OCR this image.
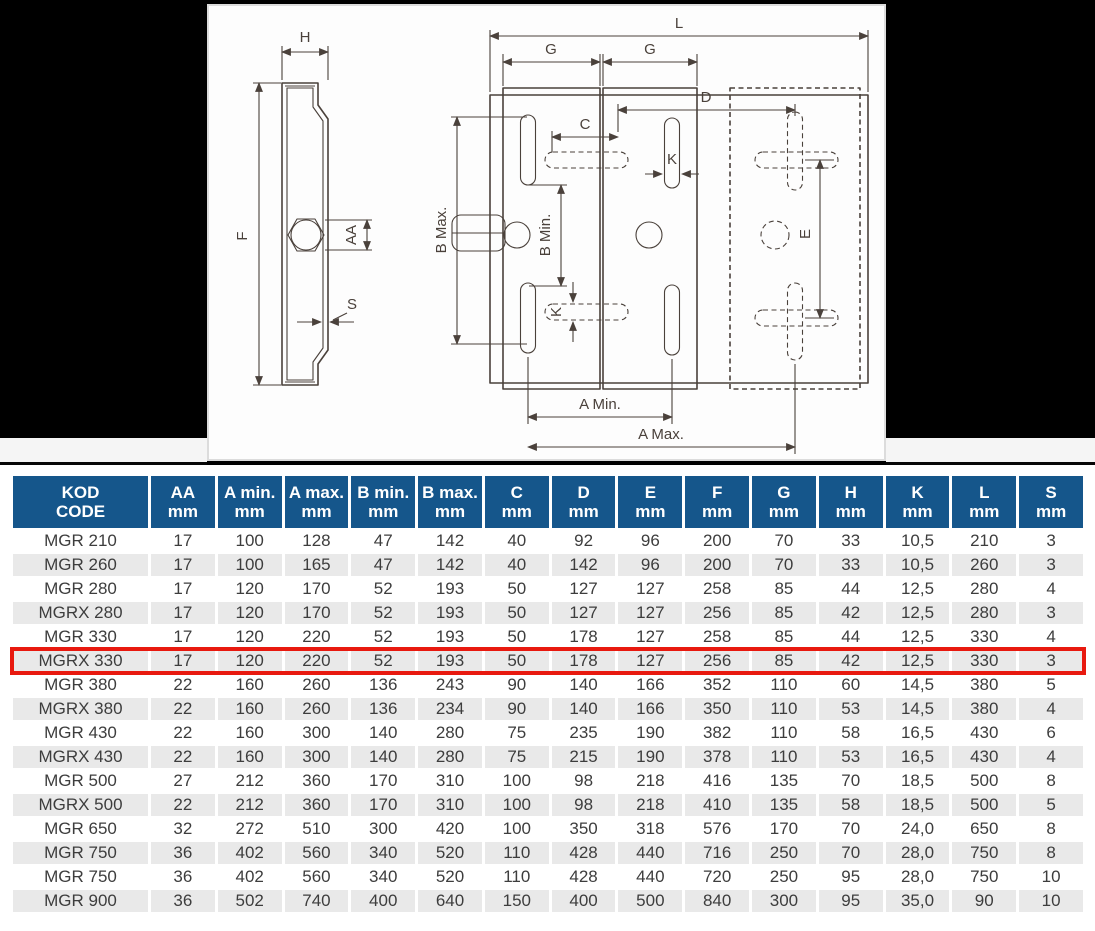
H
F	AA
S
L
G	G
D
C
K
K
B Max.	B Min.	E
A Min.
A Max.
KOD
CODE

AA
mm

A min.
mm

A max.
mm

B min.
mm

B max.
mm

C
mm

D
mm

E
mm

F
mm

G
mm

H
mm

K
mm

L
mm

S
mm

MGR 210	17	100	128	47	142	40	92	96	200	70	33	10,5	210	3
MGR 260	17	100	165	47	142	40	142	96	200	70	33	10,5	260	3
MGR 280	17	120	170	52	193	50	127	127	258	85	44	12,5	280	4
MGRX 280	17	120	170	52	193	50	127	127	256	85	42	12,5	280	3
MGR 330	17	120	220	52	193	50	178	127	258	85	44	12,5	330	4
MGRX 330	17	120	220	52	193	50	178	127	256	85	42	12,5	330	3
MGR 380	22	160	260	136	243	90	140	166	352	110	60	14,5	380	5
MGRX 380	22	160	260	136	234	90	140	166	350	110	53	14,5	380	4
MGR 430	22	160	300	140	280	75	235	190	382	110	58	16,5	430	6
MGRX 430	22	160	300	140	280	75	215	190	378	110	53	16,5	430	4
MGR 500	27	212	360	170	310	100	98	218	416	135	70	18,5	500	8
MGRX 500	22	212	360	170	310	100	98	218	410	135	58	18,5	500	5
MGR 650	32	272	510	300	420	100	350	318	576	170	70	24,0	650	8
MGR 750	36	402	560	340	520	110	428	440	716	250	70	28,0	750	8
MGR 750	36	402	560	340	520	110	428	440	720	250	95	28,0	750	10
MGR 900	36	502	740	400	640	150	400	500	840	300	95	35,0	90	10
